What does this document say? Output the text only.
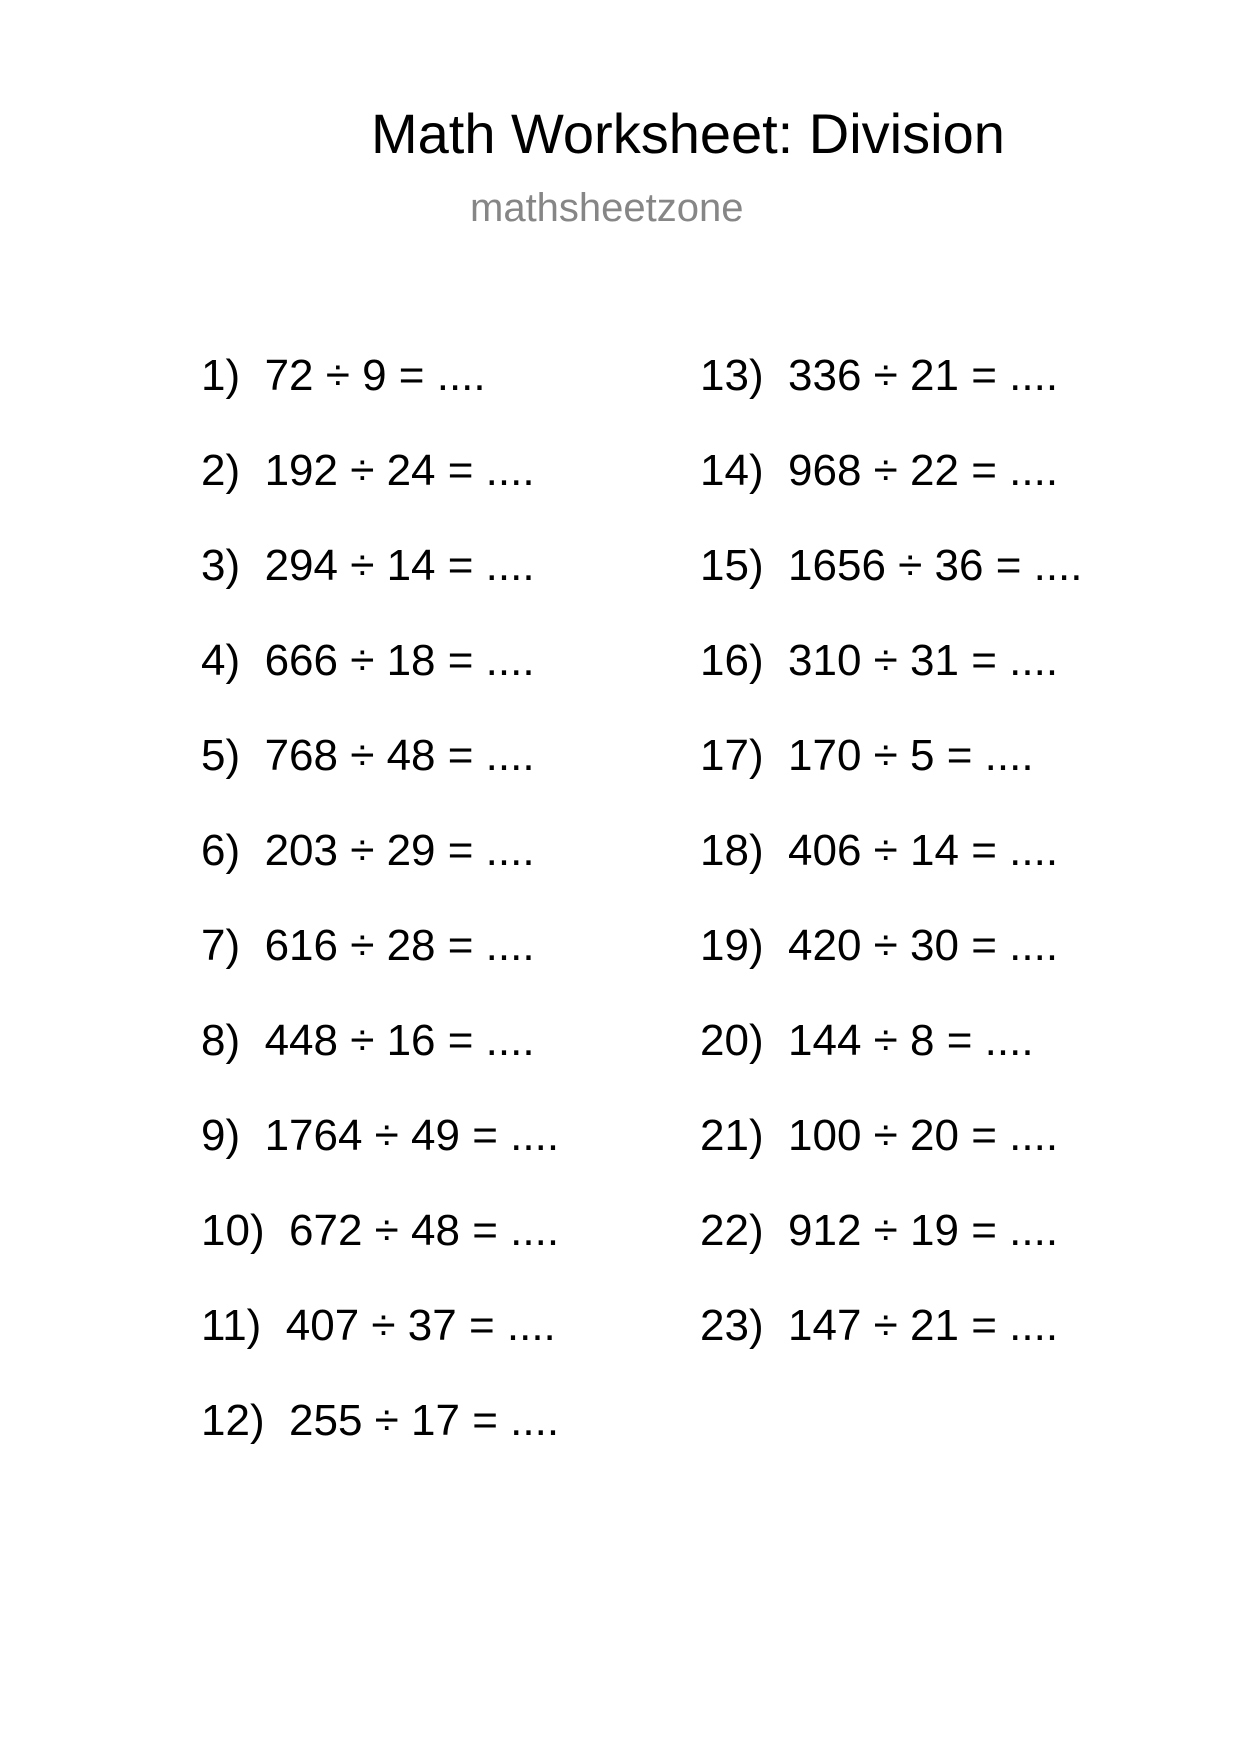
Math Worksheet: Division
mathsheetzone
1)  72 ÷ 9 = ....
2)  192 ÷ 24 = ....
3)  294 ÷ 14 = ....
4)  666 ÷ 18 = ....
5)  768 ÷ 48 = ....
6)  203 ÷ 29 = ....
7)  616 ÷ 28 = ....
8)  448 ÷ 16 = ....
9)  1764 ÷ 49 = ....
10)  672 ÷ 48 = ....
11)  407 ÷ 37 = ....
12)  255 ÷ 17 = ....
13)  336 ÷ 21 = ....
14)  968 ÷ 22 = ....
15)  1656 ÷ 36 = ....
16)  310 ÷ 31 = ....
17)  170 ÷ 5 = ....
18)  406 ÷ 14 = ....
19)  420 ÷ 30 = ....
20)  144 ÷ 8 = ....
21)  100 ÷ 20 = ....
22)  912 ÷ 19 = ....
23)  147 ÷ 21 = ....
